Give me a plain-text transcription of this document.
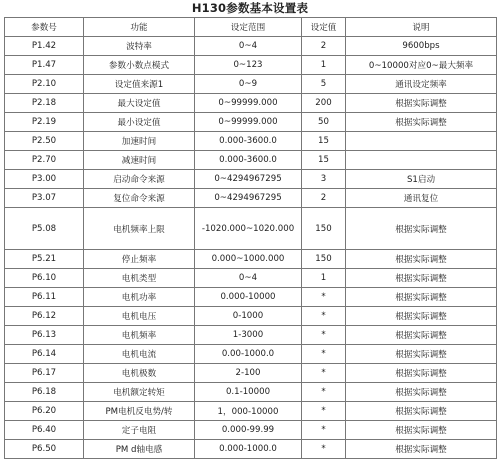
H130参数基本设置表
参数号	功能	设定范围	设定值	说明
P1.42	波特率	0~4	2	9600bps
P1.47	参数小数点模式	0~123	1	0~10000对应0~最大频率
P2.10	设定值来源1	0~9	5	通讯设定频率
P2.18	最大设定值	0~99999.000	200	根据实际调整
P2.19	最小设定值	0~99999.000	50	根据实际调整
P2.50	加速时间	0.000-3600.0	15	
P2.70	减速时间	0.000-3600.0	15	
P3.00	启动命令来源	0~4294967295	3	S1启动
P3.07	复位命令来源	0~4294967295	2	通讯复位
P5.08	电机频率上限	-1020.000~1020.000	150	根据实际调整
P5.21	停止频率	0.000~1000.000	150	根据实际调整
P6.10	电机类型	0~4	1	根据实际调整
P6.11	电机功率	0.000-10000	*	根据实际调整
P6.12	电机电压	0-1000	*	根据实际调整
P6.13	电机频率	1-3000	*	根据实际调整
P6.14	电机电流	0.00-1000.0	*	根据实际调整
P6.17	电机极数	2-100	*	根据实际调整
P6.18	电机额定转矩	0.1-10000	*	根据实际调整
P6.20	PM电机反电势/转	1，000-10000	*	根据实际调整
P6.40	定子电阻	0.000-99.99	*	根据实际调整
P6.50	PM d轴电感	0.000-1000.0	*	根据实际调整
